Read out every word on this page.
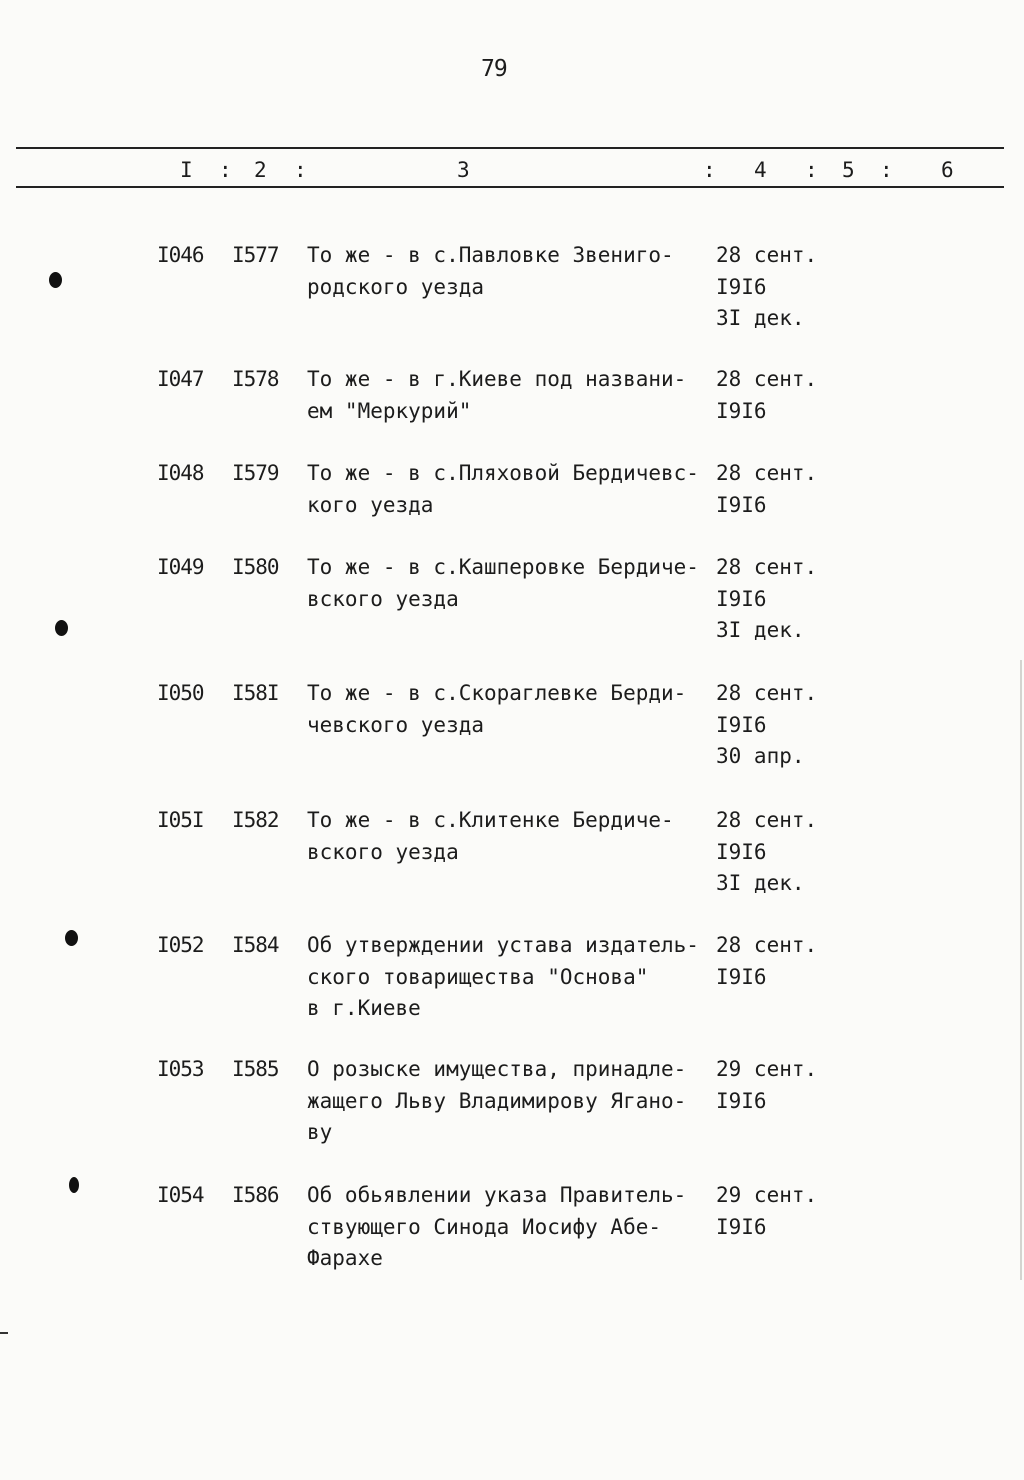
79
I : 2 :	3	: 4 : 5 : 6
I046 I577 То же - в с.Павловке Звениго-
родского уезда
28 сент.
I9I6
3I дек.
I047 I578 То же - в г.Киеве под названи-
ем "Меркурий"
28 сент.
I9I6
I048 I579 То же - в с.Пляховой Бердичевс-
кого уезда
28 сент.
I9I6
I049 I580 То же - в с.Кашперовке Бердиче-
вского уезда
28 сент.
I9I6
3I дек.
I050 I58I То же - в с.Скораглевке Берди-
чевского уезда
28 сент.
I9I6
30 апр.
I05I I582 То же - в с.Клитенке Бердиче-
вского уезда
28 сент.
I9I6
3I дек.
I052 I584 Об утверждении устава издатель-
ского товарищества "Основа"
в г.Киеве
28 сент.
I9I6
I053 I585 О розыске имущества, принадле-
жащего Льву Владимирову Ягано-
ву
29 сент.
I9I6
I054 I586 Об обьявлении указа Правитель-
ствующего Синода Иосифу Абе-
Фарахе
29 сент.
I9I6
